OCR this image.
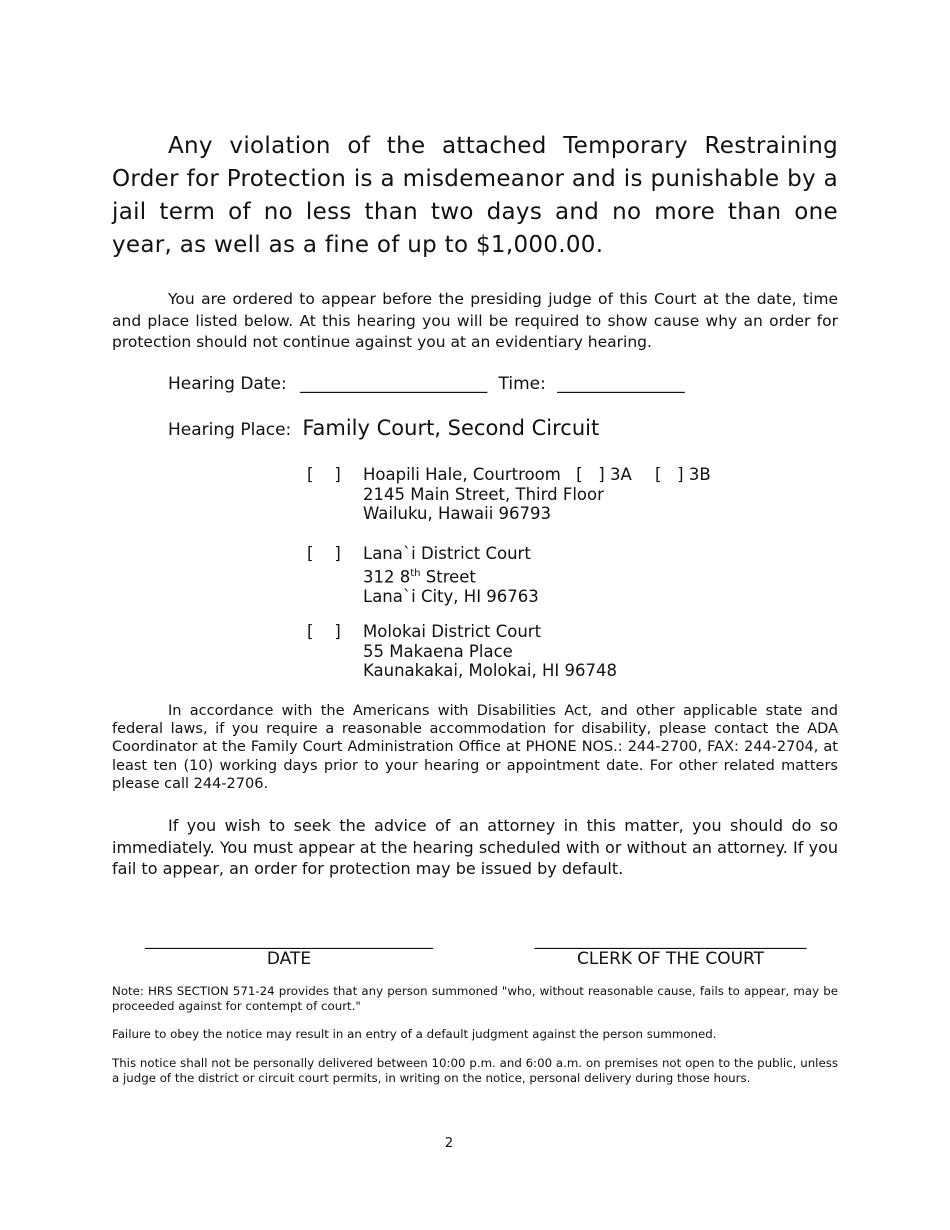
Any violation of the attached Temporary Restraining Order for Protection is a misdemeanor and is punishable by a jail term of no less than two days and no more than one year, as well as a fine of up to $1,000.00.
You are ordered to appear before the presiding judge of this Court at the date, time and place listed below. At this hearing you will be required to show cause why an order for protection should not continue against you at an evidentiary hearing.
Hearing Date: ______________________ Time: _______________
Hearing Place: Family Court, Second Circuit
[    ] Hoapili Hale, Courtroom [   ] 3A [   ] 3B
2145 Main Street, Third Floor
Wailuku, Hawaii 96793
[    ] Lana`i District Court
312 8th Street
Lana`i City, HI 96763
[    ] Molokai District Court
55 Makaena Place
Kaunakakai, Molokai, HI 96748
In accordance with the Americans with Disabilities Act, and other applicable state and federal laws, if you require a reasonable accommodation for disability, please contact the ADA Coordinator at the Family Court Administration Office at PHONE NOS.: 244-2700, FAX: 244-2704, at least ten (10) working days prior to your hearing or appointment date. For other related matters please call 244-2706.
If you wish to seek the advice of an attorney in this matter, you should do so immediately. You must appear at the hearing scheduled with or without an attorney. If you fail to appear, an order for protection may be issued by default.
____________________________________
DATE
__________________________________
CLERK OF THE COURT
Note: HRS SECTION 571-24 provides that any person summoned "who, without reasonable cause, fails to appear, may be proceeded against for contempt of court."
Failure to obey the notice may result in an entry of a default judgment against the person summoned.
This notice shall not be personally delivered between 10:00 p.m. and 6:00 a.m. on premises not open to the public, unless a judge of the district or circuit court permits, in writing on the notice, personal delivery during those hours.
2
